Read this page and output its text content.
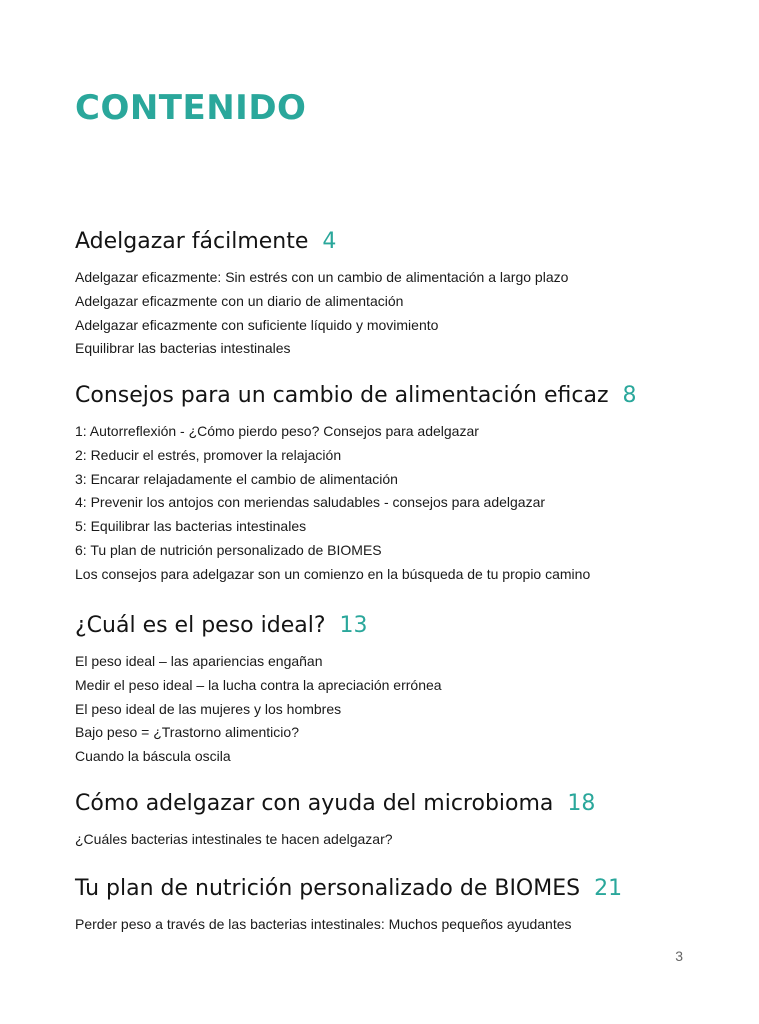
CONTENIDO
Adelgazar fácilmente 4
Adelgazar eficazmente: Sin estrés con un cambio de alimentación a largo plazo
Adelgazar eficazmente con un diario de alimentación
Adelgazar eficazmente con suficiente líquido y movimiento
Equilibrar las bacterias intestinales
Consejos para un cambio de alimentación eficaz 8
1: Autorreflexión - ¿Cómo pierdo peso? Consejos para adelgazar
2: Reducir el estrés, promover la relajación
3: Encarar relajadamente el cambio de alimentación
4: Prevenir los antojos con meriendas saludables - consejos para adelgazar
5: Equilibrar las bacterias intestinales
6: Tu plan de nutrición personalizado de BIOMES
Los consejos para adelgazar son un comienzo en la búsqueda de tu propio camino
¿Cuál es el peso ideal? 13
El peso ideal – las apariencias engañan
Medir el peso ideal – la lucha contra la apreciación errónea
El peso ideal de las mujeres y los hombres
Bajo peso = ¿Trastorno alimenticio?
Cuando la báscula oscila
Cómo adelgazar con ayuda del microbioma 18
¿Cuáles bacterias intestinales te hacen adelgazar?
Tu plan de nutrición personalizado de BIOMES 21
Perder peso a través de las bacterias intestinales: Muchos pequeños ayudantes
3
